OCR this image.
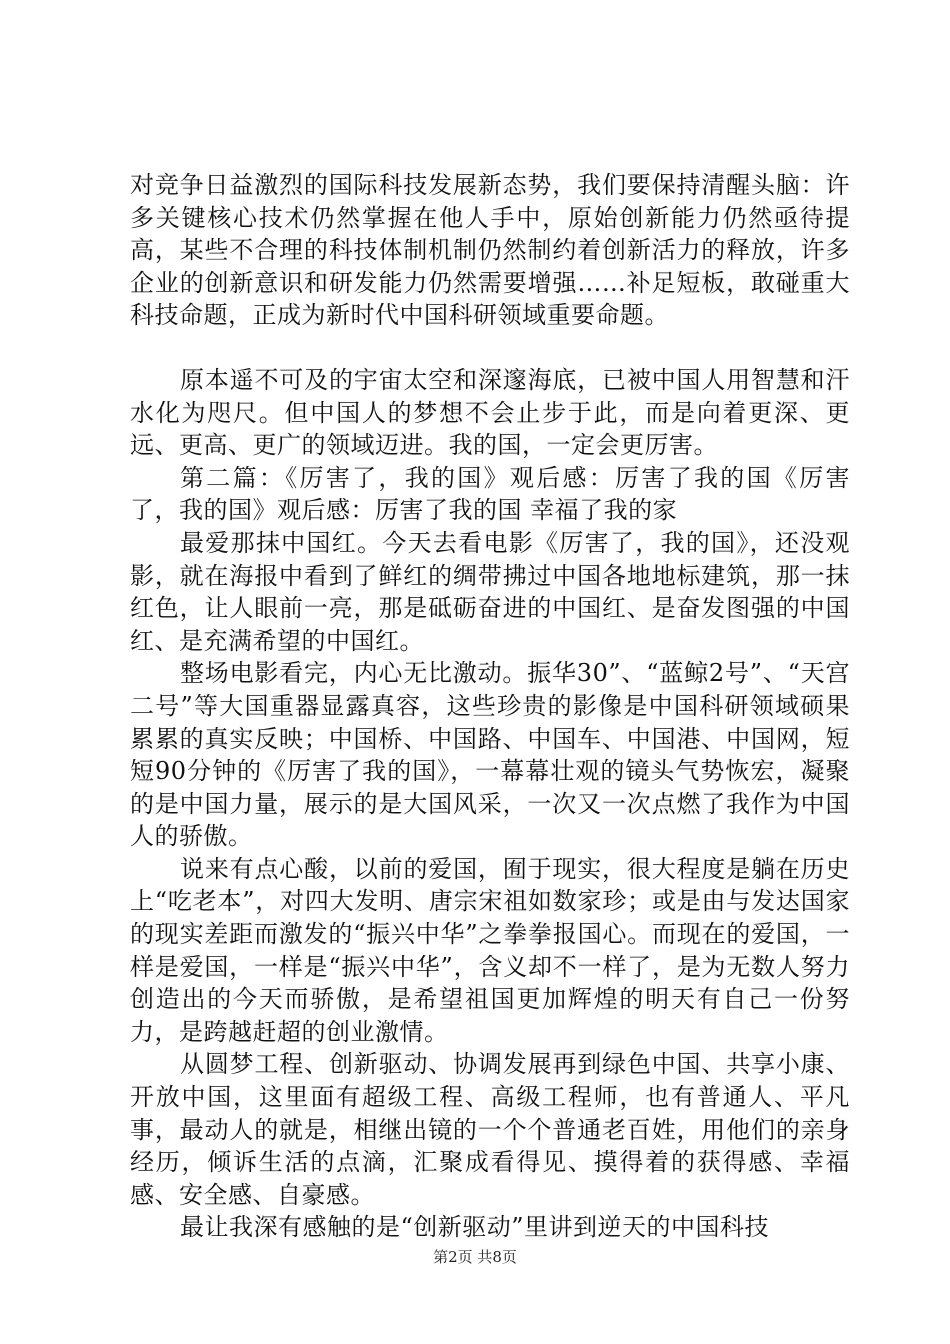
对竞争日益激烈的国际科技发展新态势，我们要保持清醒头脑：许多关键核心技术仍然掌握在他人手中，原始创新能力仍然亟待提高，某些不合理的科技体制机制仍然制约着创新活力的释放，许多企业的创新意识和研发能力仍然需要增强……补足短板，敢碰重大科技命题，正成为新时代中国科研领域重要命题。

原本遥不可及的宇宙太空和深邃海底，已被中国人用智慧和汗水化为咫尺。但中国人的梦想不会止步于此，而是向着更深、更远、更高、更广的领域迈进。我的国，一定会更厉害。

第二篇：《厉害了，我的国》观后感：厉害了我的国《厉害了，我的国》观后感：厉害了我的国 幸福了我的家

最爱那抹中国红。今天去看电影《厉害了，我的国》，还没观影，就在海报中看到了鲜红的绸带拂过中国各地地标建筑，那一抹红色，让人眼前一亮，那是砥砺奋进的中国红、是奋发图强的中国红、是充满希望的中国红。

整场电影看完，内心无比激动。振华30”、“蓝鲸2号”、“天宫二号”等大国重器显露真容，这些珍贵的影像是中国科研领域硕果累累的真实反映；中国桥、中国路、中国车、中国港、中国网，短短90分钟的《厉害了我的国》，一幕幕壮观的镜头气势恢宏，凝聚的是中国力量，展示的是大国风采，一次又一次点燃了我作为中国人的骄傲。

说来有点心酸，以前的爱国，囿于现实，很大程度是躺在历史上“吃老本”，对四大发明、唐宗宋祖如数家珍；或是由与发达国家的现实差距而激发的“振兴中华”之拳拳报国心。而现在的爱国，一样是爱国，一样是“振兴中华”，含义却不一样了，是为无数人努力创造出的今天而骄傲，是希望祖国更加辉煌的明天有自己一份努力，是跨越赶超的创业激情。

从圆梦工程、创新驱动、协调发展再到绿色中国、共享小康、开放中国，这里面有超级工程、高级工程师，也有普通人、平凡事，最动人的就是，相继出镜的一个个普通老百姓，用他们的亲身经历，倾诉生活的点滴，汇聚成看得见、摸得着的获得感、幸福感、安全感、自豪感。

最让我深有感触的是“创新驱动”里讲到逆天的中国科技

第2页 共8页
